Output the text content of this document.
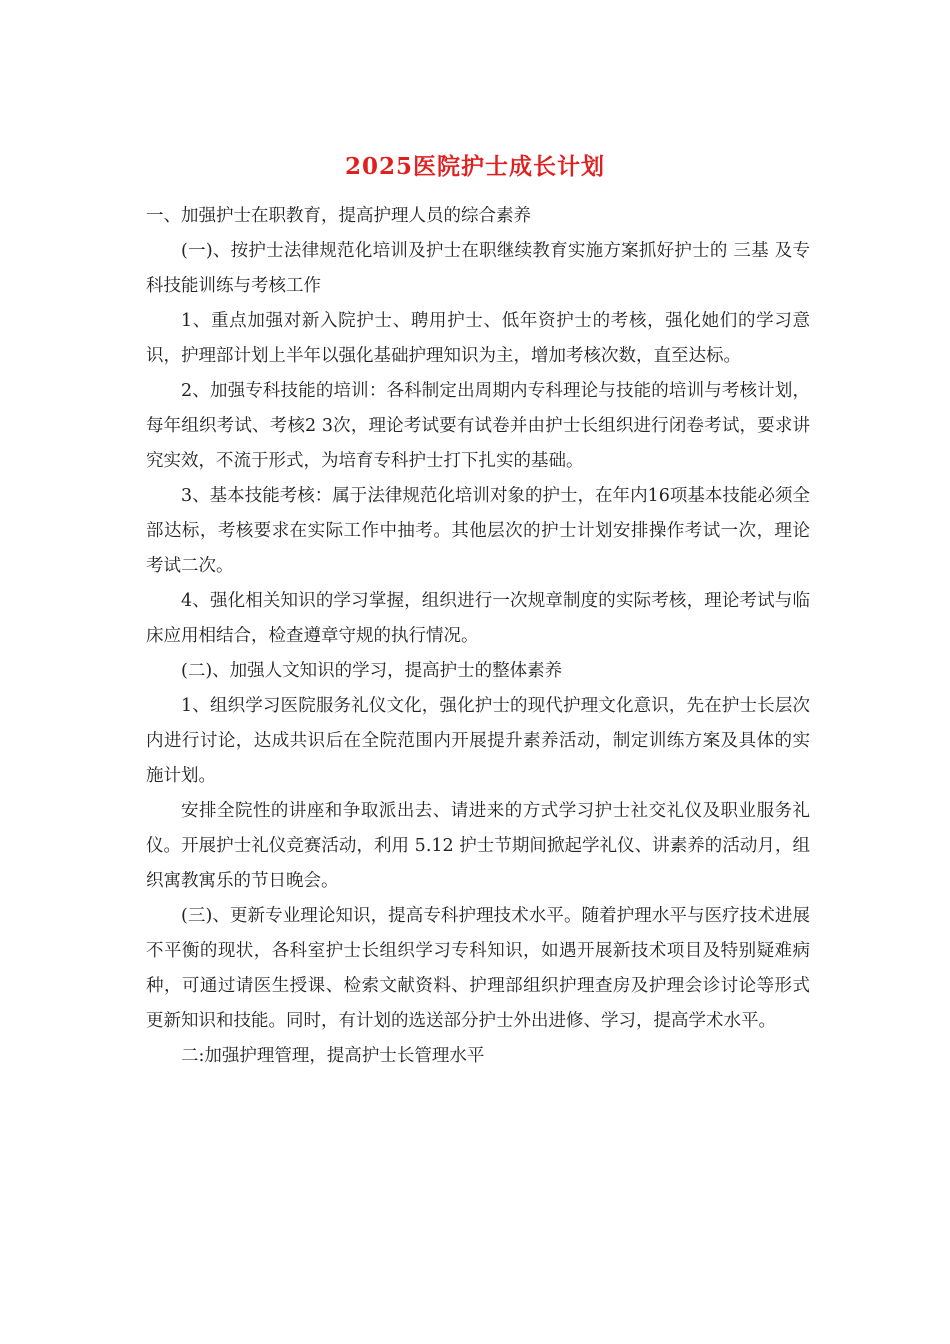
2025医院护士成长计划

一、加强护士在职教育，提高护理人员的综合素养

(一)、按护士法律规范化培训及护士在职继续教育实施方案抓好护士的 三基 及专科技能训练与考核工作

1、重点加强对新入院护士、聘用护士、低年资护士的考核，强化她们的学习意识，护理部计划上半年以强化基础护理知识为主，增加考核次数，直至达标。

2、加强专科技能的培训：各科制定出周期内专科理论与技能的培训与考核计划，每年组织考试、考核2 3次，理论考试要有试卷并由护士长组织进行闭卷考试，要求讲究实效，不流于形式，为培育专科护士打下扎实的基础。

3、基本技能考核：属于法律规范化培训对象的护士，在年内16项基本技能必须全部达标，考核要求在实际工作中抽考。其他层次的护士计划安排操作考试一次，理论考试二次。

4、强化相关知识的学习掌握，组织进行一次规章制度的实际考核，理论考试与临床应用相结合，检查遵章守规的执行情况。

(二)、加强人文知识的学习，提高护士的整体素养

1、组织学习医院服务礼仪文化，强化护士的现代护理文化意识，先在护士长层次内进行讨论，达成共识后在全院范围内开展提升素养活动，制定训练方案及具体的实施计划。

安排全院性的讲座和争取派出去、请进来的方式学习护士社交礼仪及职业服务礼仪。开展护士礼仪竞赛活动，利用 5.12 护士节期间掀起学礼仪、讲素养的活动月，组织寓教寓乐的节日晚会。

(三)、更新专业理论知识，提高专科护理技术水平。随着护理水平与医疗技术进展不平衡的现状，各科室护士长组织学习专科知识，如遇开展新技术项目及特别疑难病种，可通过请医生授课、检索文献资料、护理部组织护理查房及护理会诊讨论等形式更新知识和技能。同时，有计划的选送部分护士外出进修、学习，提高学术水平。

二:加强护理管理，提高护士长管理水平
